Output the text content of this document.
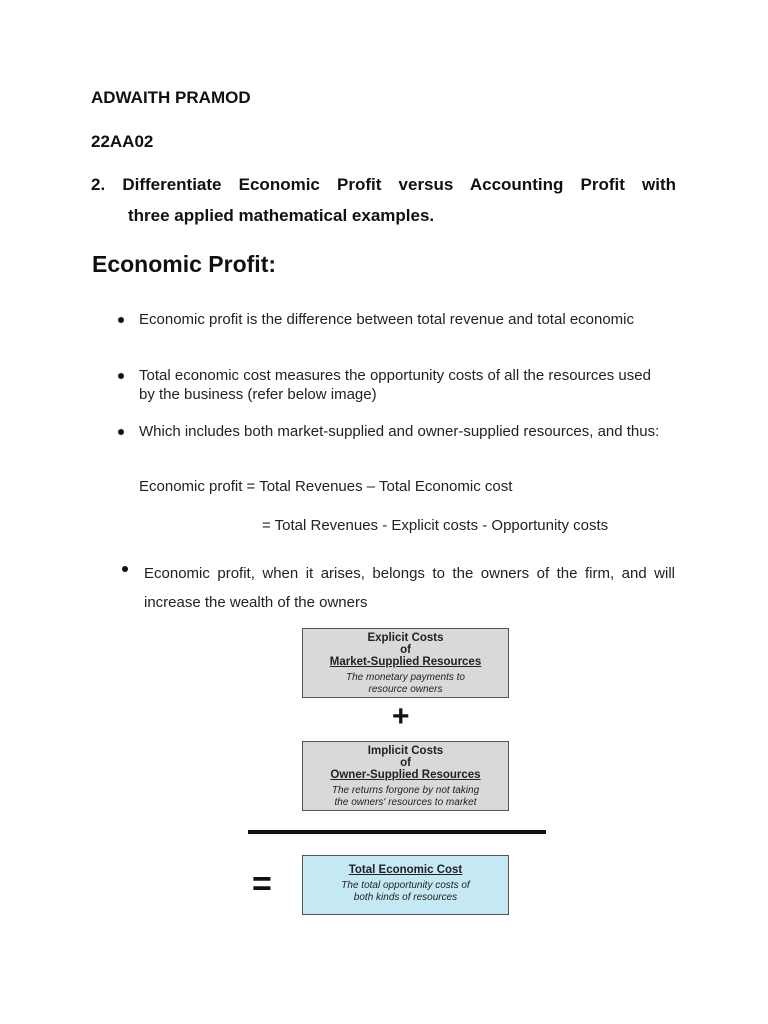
ADWAITH PRAMOD
22AA02
2. Differentiate Economic Profit versus Accounting Profit with
three applied mathematical examples.
Economic Profit:
Economic profit is the difference between total revenue and total economic
Total economic cost measures the opportunity costs of all the resources used by the business (refer below image)
Which includes both market-supplied and owner-supplied resources, and thus:
Economic profit = Total Revenues – Total Economic cost
= Total Revenues - Explicit costs - Opportunity costs
Economic profit, when it arises, belongs to the owners of the firm, and will increase the wealth of the owners
Explicit Costs
of
Market-Supplied Resources
The monetary payments to
resource owners
+
Implicit Costs
of
Owner-Supplied Resources
The returns forgone by not taking
the owners' resources to market
=	Total Economic Cost
The total opportunity costs of
both kinds of resources
